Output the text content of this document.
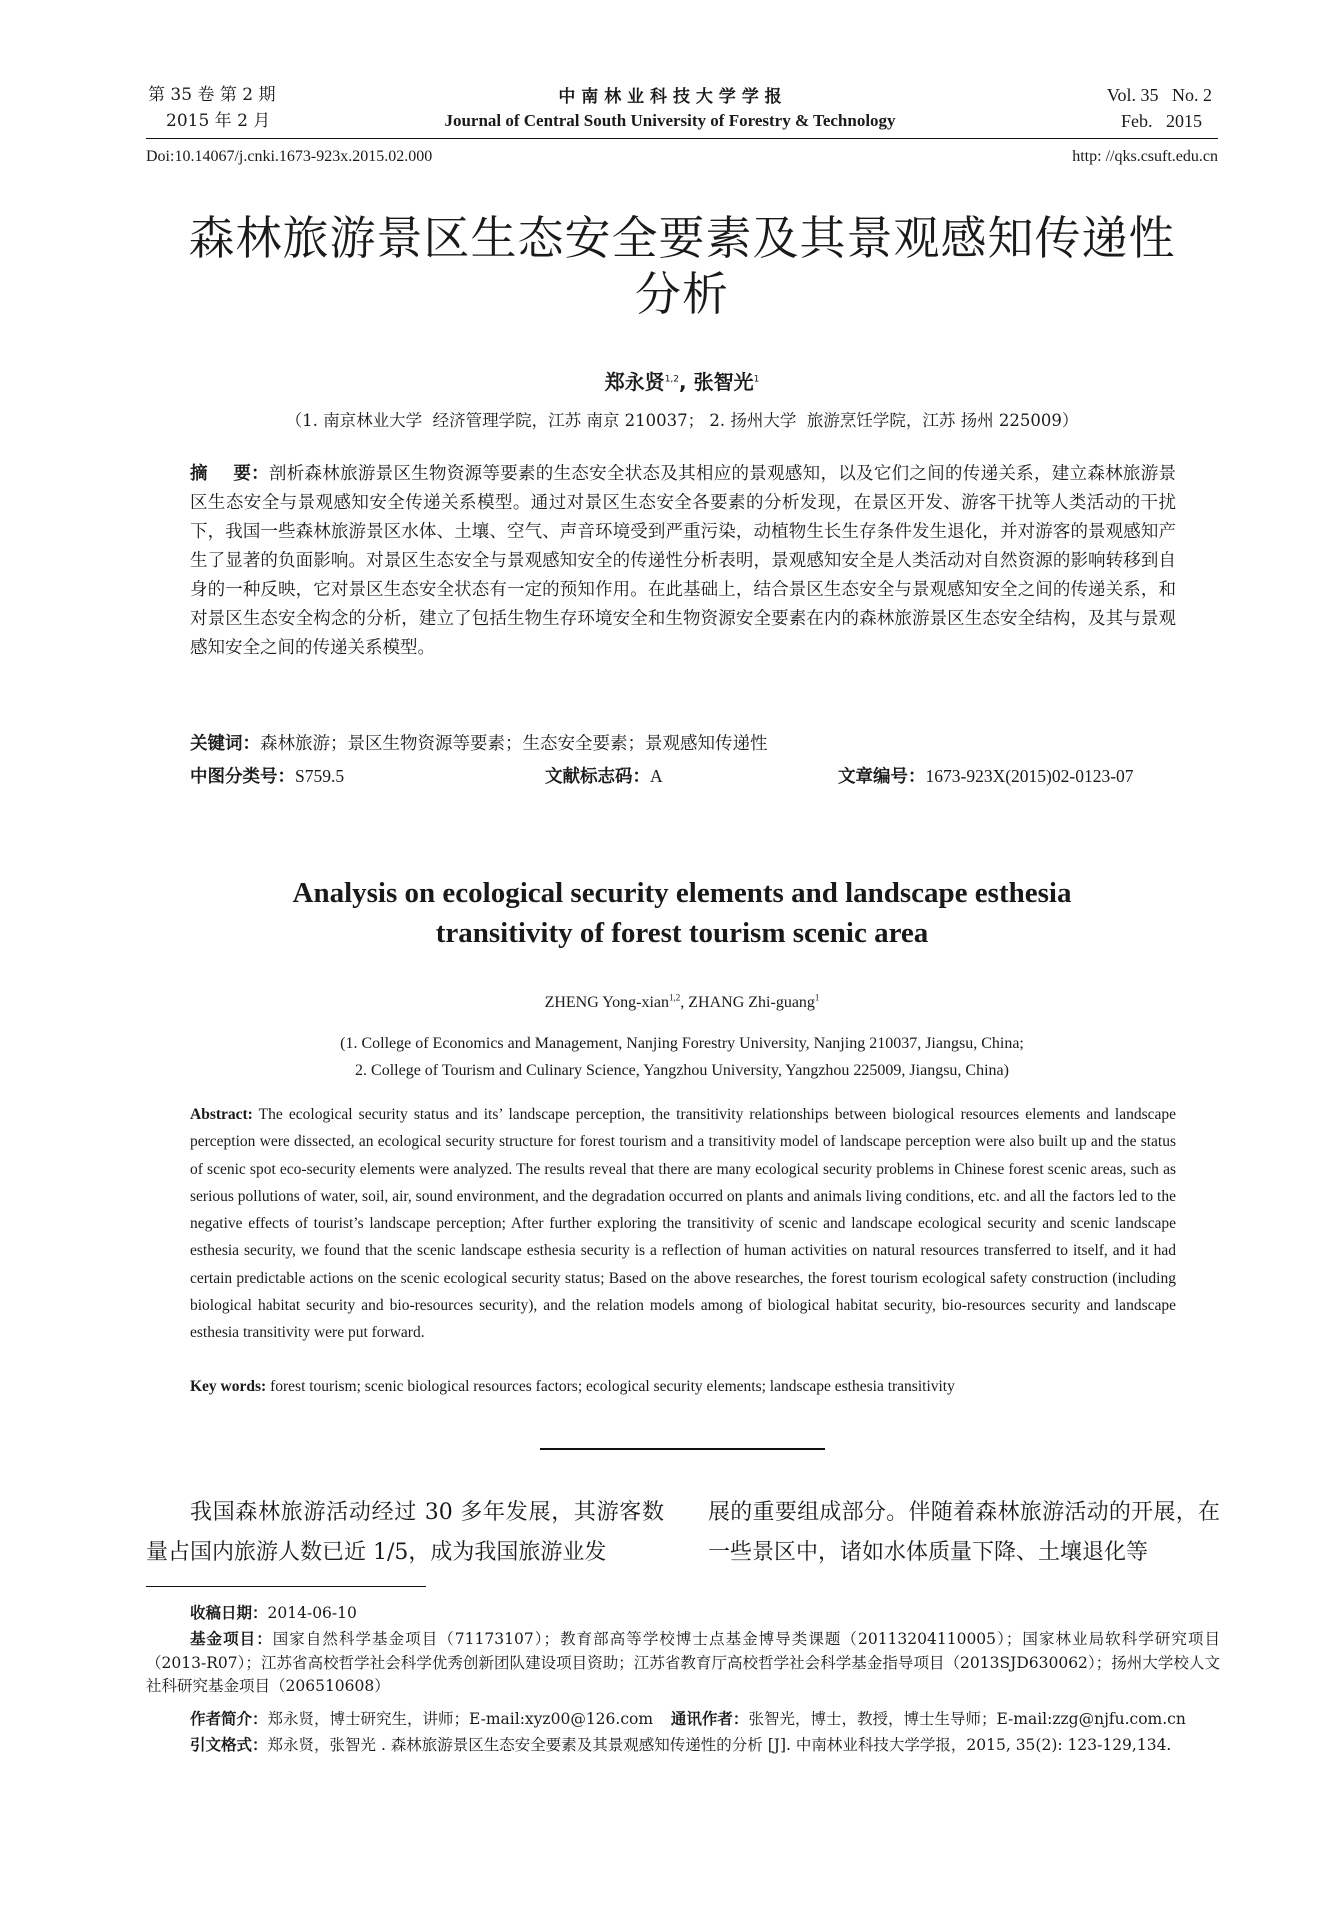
第 35 卷 第 2 期
2015 年 2 月
中 南 林 业 科 技 大 学 学 报
Journal of Central South University of Forestry & Technology
Vol. 35   No. 2
Feb.   2015
Doi:10.14067/j.cnki.1673-923x.2015.02.000	http: //qks.csuft.edu.cn
森林旅游景区生态安全要素及其景观感知传递性
分析
郑永贤$^{1,2}$, 张智光$^1$
（1. 南京林业大学  经济管理学院，江苏 南京 210037； 2. 扬州大学  旅游烹饪学院，江苏 扬州 225009）
摘    要：剖析森林旅游景区生物资源等要素的生态安全状态及其相应的景观感知，以及它们之间的传递关系，建立森林旅游景区生态安全与景观感知安全传递关系模型。通过对景区生态安全各要素的分析发现，在景区开发、游客干扰等人类活动的干扰下，我国一些森林旅游景区水体、土壤、空气、声音环境受到严重污染，动植物生长生存条件发生退化，并对游客的景观感知产生了显著的负面影响。对景区生态安全与景观感知安全的传递性分析表明，景观感知安全是人类活动对自然资源的影响转移到自身的一种反映，它对景区生态安全状态有一定的预知作用。在此基础上，结合景区生态安全与景观感知安全之间的传递关系，和对景区生态安全构念的分析，建立了包括生物生存环境安全和生物资源安全要素在内的森林旅游景区生态安全结构，及其与景观感知安全之间的传递关系模型。
关键词：森林旅游；景区生物资源等要素；生态安全要素；景观感知传递性
中图分类号：S759.5	文献标志码：A	文章编号：1673-923X(2015)02-0123-07
Analysis on ecological security elements and landscape esthesia
transitivity of forest tourism scenic area
ZHENG Yong-xian$^{1,2}$, ZHANG Zhi-guang$^1$
(1. College of Economics and Management, Nanjing Forestry University, Nanjing 210037, Jiangsu, China;
2. College of Tourism and Culinary Science, Yangzhou University, Yangzhou 225009, Jiangsu, China)
Abstract: The ecological security status and its’ landscape perception, the transitivity relationships between biological resources elements and landscape perception were dissected, an ecological security structure for forest tourism and a transitivity model of landscape perception were also built up and the status of scenic spot eco-security elements were analyzed. The results reveal that there are many ecological security problems in Chinese forest scenic areas, such as serious pollutions of water, soil, air, sound environment, and the degradation occurred on plants and animals living conditions, etc. and all the factors led to the negative effects of tourist’s landscape perception; After further exploring the transitivity of scenic and landscape ecological security and scenic landscape esthesia security, we found that the scenic landscape esthesia security is a reflection of human activities on natural resources transferred to itself, and it had certain predictable actions on the scenic ecological security status; Based on the above researches, the forest tourism ecological safety construction (including biological habitat security and bio-resources security), and the relation models among of biological habitat security, bio-resources security and landscape esthesia transitivity were put forward.
Key words: forest tourism; scenic biological resources factors; ecological security elements; landscape esthesia transitivity
我国森林旅游活动经过 30 多年发展，其游客数量占国内旅游人数已近 1/5，成为我国旅游业发
展的重要组成部分。伴随着森林旅游活动的开展，在一些景区中，诸如水体质量下降、土壤退化等
收稿日期：2014-06-10
基金项目：国家自然科学基金项目（71173107）；教育部高等学校博士点基金博导类课题（20113204110005）；国家林业局软科学研究项目（2013-R07）；江苏省高校哲学社会科学优秀创新团队建设项目资助；江苏省教育厅高校哲学社会科学基金指导项目（2013SJD630062）；扬州大学校人文社科研究基金项目（206510608）
作者简介：郑永贤，博士研究生，讲师；E-mail:xyz00@126.com 通讯作者：张智光，博士，教授，博士生导师；E-mail:zzg@njfu.com.cn
引文格式：郑永贤，张智光 . 森林旅游景区生态安全要素及其景观感知传递性的分析 [J]. 中南林业科技大学学报，2015, 35(2): 123-129,134.
